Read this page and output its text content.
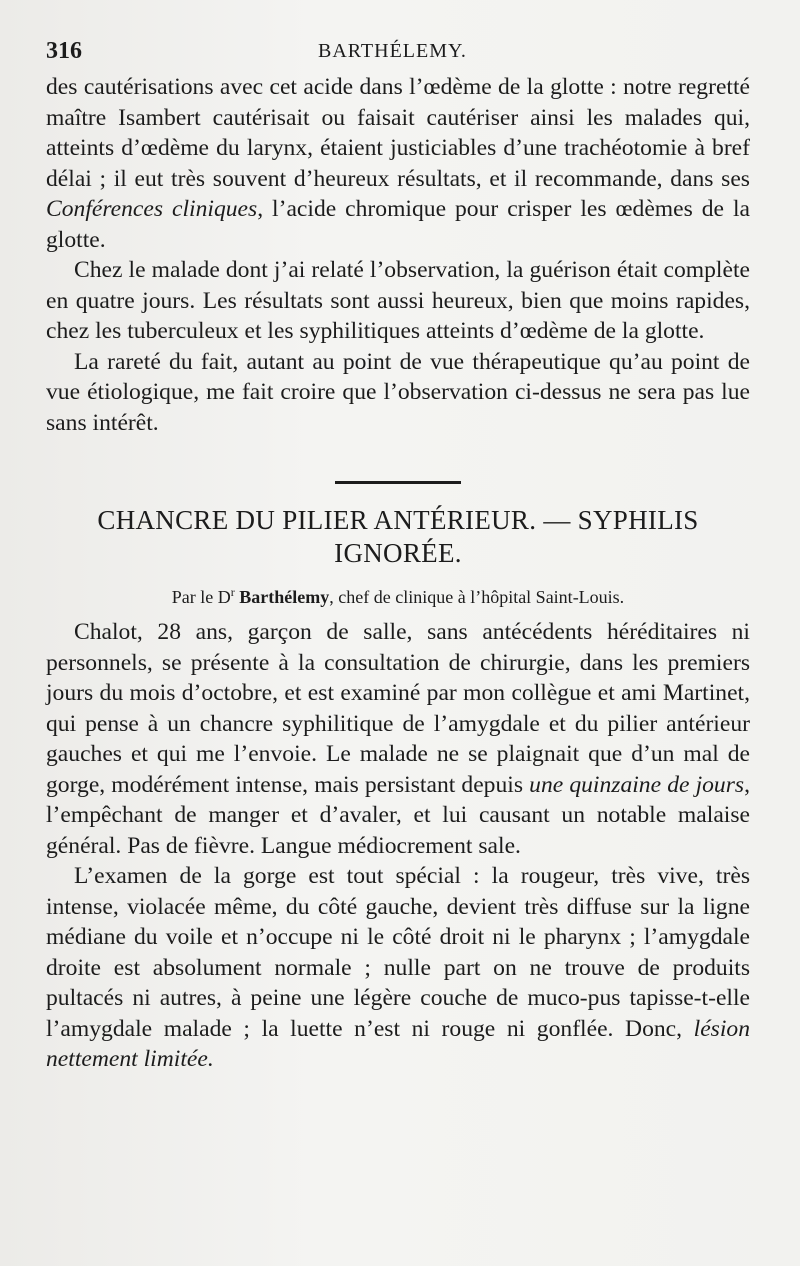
316	BARTHÉLEMY.

des cautérisations avec cet acide dans l’œdème de la glotte : notre regretté maître Isambert cautérisait ou faisait cautériser ainsi les malades qui, atteints d’œdème du larynx, étaient justiciables d’une trachéotomie à bref délai ; il eut très souvent d’heureux résultats, et il recommande, dans ses Conférences cliniques, l’acide chromique pour crisper les œdèmes de la glotte.

Chez le malade dont j’ai relaté l’observation, la guérison était complète en quatre jours. Les résultats sont aussi heureux, bien que moins rapides, chez les tuberculeux et les syphilitiques atteints d’œdème de la glotte.

La rareté du fait, autant au point de vue thérapeutique qu’au point de vue étiologique, me fait croire que l’observation ci-dessus ne sera pas lue sans intérêt.

CHANCRE DU PILIER ANTÉRIEUR. — SYPHILIS
IGNORÉE.
Par le $D^r$ Barthélemy, chef de clinique à l’hôpital Saint-Louis.

Chalot, 28 ans, garçon de salle, sans antécédents héréditaires ni personnels, se présente à la consultation de chirurgie, dans les premiers jours du mois d’octobre, et est examiné par mon collègue et ami Martinet, qui pense à un chancre syphilitique de l’amygdale et du pilier antérieur gauches et qui me l’envoie. Le malade ne se plaignait que d’un mal de gorge, modérément intense, mais persistant depuis une quinzaine de jours, l’empêchant de manger et d’avaler, et lui causant un notable malaise général. Pas de fièvre. Langue médiocrement sale.

L’examen de la gorge est tout spécial : la rougeur, très vive, très intense, violacée même, du côté gauche, devient très diffuse sur la ligne médiane du voile et n’occupe ni le côté droit ni le pharynx ; l’amygdale droite est absolument normale ; nulle part on ne trouve de produits pultacés ni autres, à peine une légère couche de muco-pus tapisse-t-elle l’amygdale malade ; la luette n’est ni rouge ni gonflée. Donc, lésion nettement limitée.
